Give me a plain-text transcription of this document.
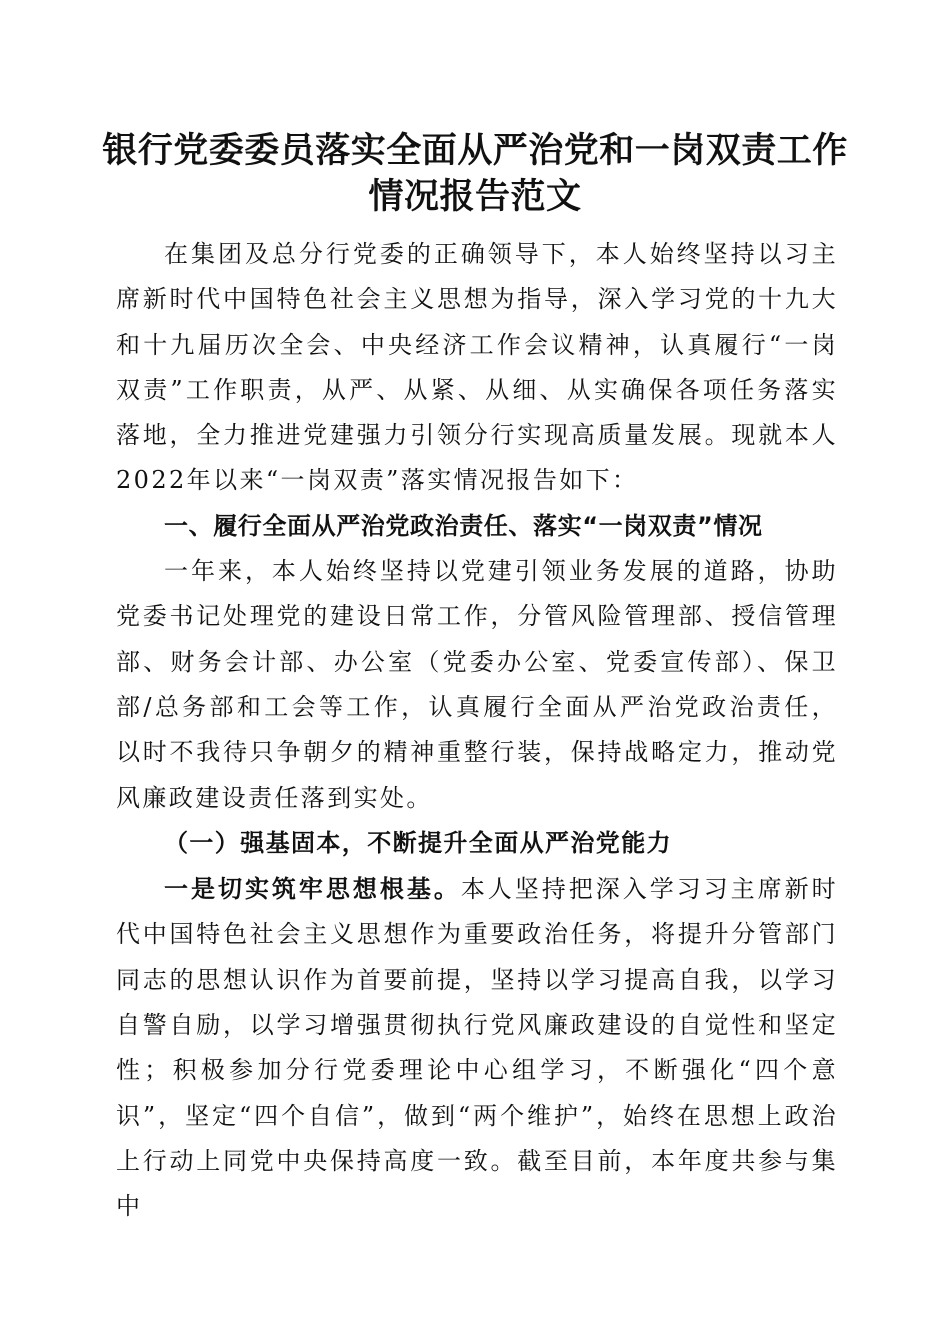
银行党委委员落实全面从严治党和一岗双责工作情况报告范文

在集团及总分行党委的正确领导下，本人始终坚持以习主席新时代中国特色社会主义思想为指导，深入学习党的十九大和十九届历次全会、中央经济工作会议精神，认真履行“一岗双责”工作职责，从严、从紧、从细、从实确保各项任务落实落地，全力推进党建强力引领分行实现高质量发展。现就本人2022年以来“一岗双责”落实情况报告如下：

一、履行全面从严治党政治责任、落实“一岗双责”情况

一年来，本人始终坚持以党建引领业务发展的道路，协助党委书记处理党的建设日常工作，分管风险管理部、授信管理部、财务会计部、办公室（党委办公室、党委宣传部）、保卫部/总务部和工会等工作，认真履行全面从严治党政治责任，以时不我待只争朝夕的精神重整行装，保持战略定力，推动党风廉政建设责任落到实处。

（一）强基固本，不断提升全面从严治党能力

一是切实筑牢思想根基。本人坚持把深入学习习主席新时代中国特色社会主义思想作为重要政治任务，将提升分管部门同志的思想认识作为首要前提，坚持以学习提高自我，以学习自警自励，以学习增强贯彻执行党风廉政建设的自觉性和坚定性；积极参加分行党委理论中心组学习，不断强化“四个意识”，坚定“四个自信”，做到“两个维护”，始终在思想上政治上行动上同党中央保持高度一致。截至目前，本年度共参与集中
